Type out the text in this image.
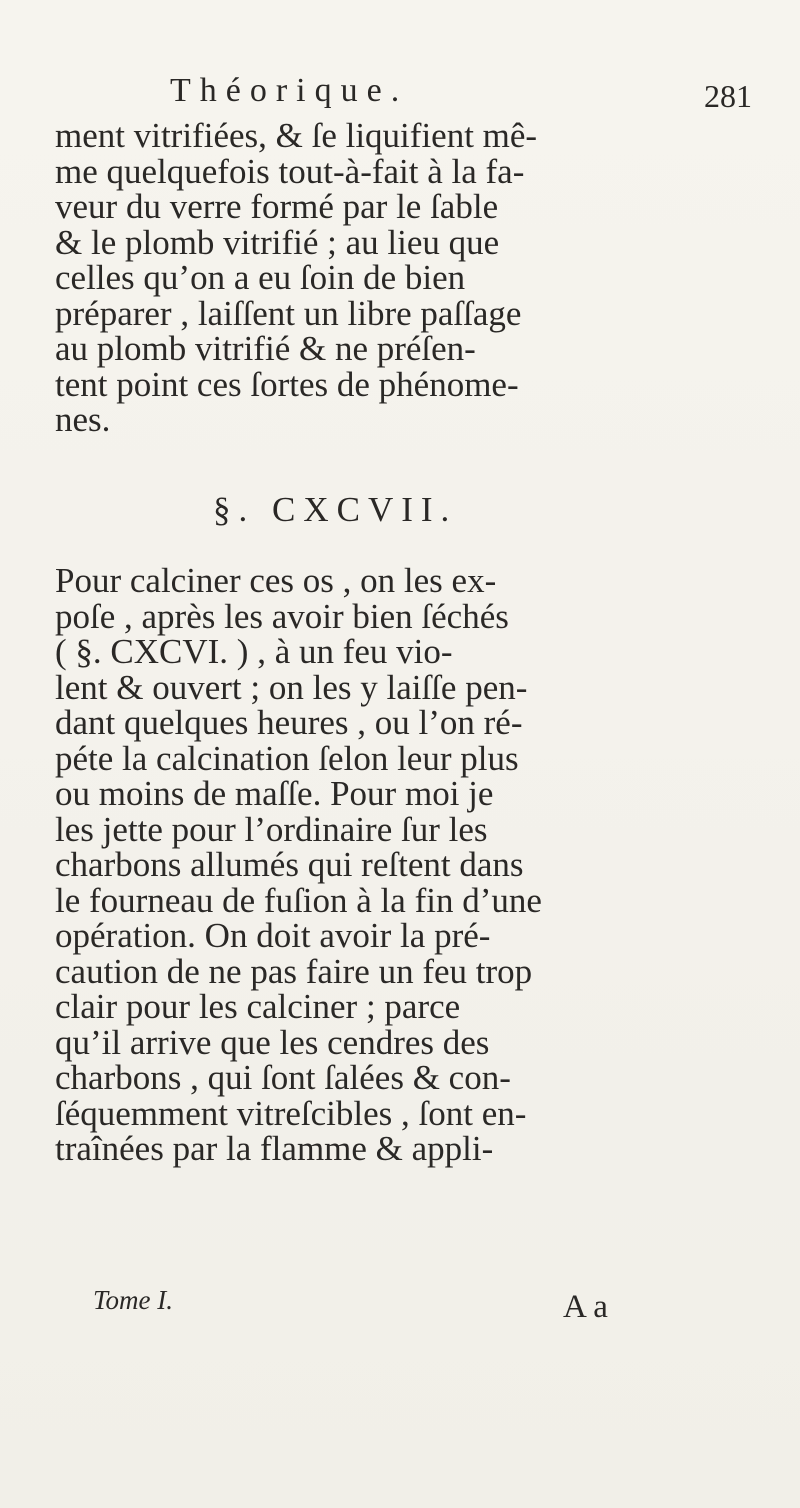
Théorique.	281
ment vitrifiées, & ſe liquifient mê-
me quelquefois tout-à-fait à la fa-
veur du verre formé par le ſable
& le plomb vitrifié ; au lieu que
celles qu’on a eu ſoin de bien
préparer , laiſſent un libre paſſage
au plomb vitrifié & ne préſen-
tent point ces ſortes de phénome-
nes.
§. CXCVII.
Pour calciner ces os , on les ex-
poſe , après les avoir bien ſéchés
( §. CXCVI. ) , à un feu vio-
lent & ouvert ; on les y laiſſe pen-
dant quelques heures , ou l’on ré-
péte la calcination ſelon leur plus
ou moins de maſſe. Pour moi je
les jette pour l’ordinaire ſur les
charbons allumés qui reſtent dans
le fourneau de fuſion à la fin d’une
opération. On doit avoir la pré-
caution de ne pas faire un feu trop
clair pour les calciner ; parce
qu’il arrive que les cendres des
charbons , qui ſont ſalées & con-
ſéquemment vitreſcibles , ſont en-
traînées par la flamme & appli-
Tome I.	A a
